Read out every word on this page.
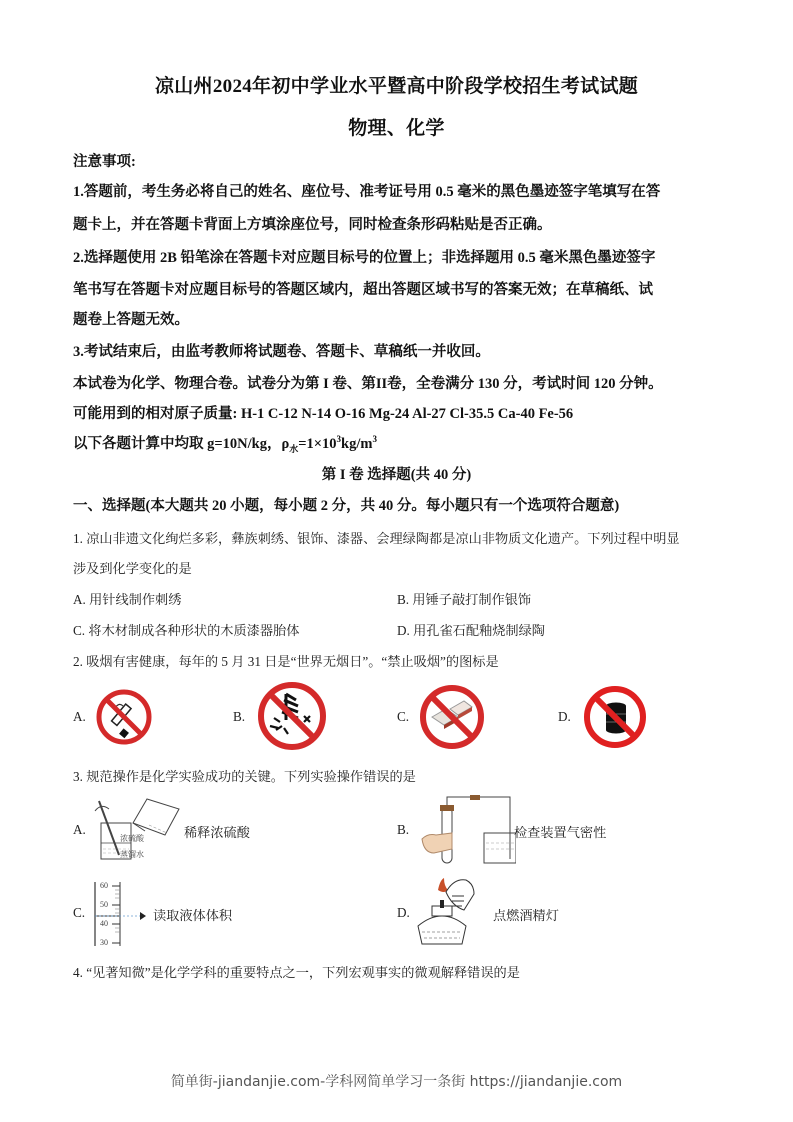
凉山州2024年初中学业水平暨高中阶段学校招生考试试题
物理、化学
注意事项:
1.答题前，考生务必将自己的姓名、座位号、准考证号用 0.5 毫米的黑色墨迹签字笔填写在答
题卡上，并在答题卡背面上方填涂座位号，同时检查条形码粘贴是否正确。
2.选择题使用 2B 铅笔涂在答题卡对应题目标号的位置上；非选择题用 0.5 毫米黑色墨迹签字
笔书写在答题卡对应题目标号的答题区域内，超出答题区域书写的答案无效；在草稿纸、试
题卷上答题无效。
3.考试结束后，由监考教师将试题卷、答题卡、草稿纸一并收回。
本试卷为化学、物理合卷。试卷分为第 I 卷、第II卷，全卷满分 130 分，考试时间 120 分钟。
可能用到的相对原子质量: H-1 C-12 N-14 O-16 Mg-24 Al-27 Cl-35.5 Ca-40 Fe-56
以下各题计算中均取 g=10N/kg，$\rho_水=1\times 10^3kg/m^3$
第 I 卷 选择题(共 40 分)
一、选择题(本大题共 20 小题，每小题 2 分，共 40 分。每小题只有一个选项符合题意)
1. 凉山非遗文化绚烂多彩，彝族刺绣、银饰、漆器、会理绿陶都是凉山非物质文化遗产。下列过程中明显
涉及到化学变化的是
A. 用针线制作刺绣	B. 用锤子敲打制作银饰
C. 将木材制成各种形状的木质漆器胎体	D. 用孔雀石配釉烧制绿陶
2. 吸烟有害健康，每年的 5 月 31 日是“世界无烟日”。“禁止吸烟”的图标是
A.	B.	C.	D.
3. 规范操作是化学实验成功的关键。下列实验操作错误的是
A.
浓硫酸
蒸馏水
稀释浓硫酸	B.	检查装置气密性
C.
60
50
40
30
读取液体体积	D.	点燃酒精灯
4. “见著知微”是化学学科的重要特点之一，下列宏观事实的微观解释错误的是
简单街-jiandanjie.com-学科网简单学习一条街 https://jiandanjie.com
